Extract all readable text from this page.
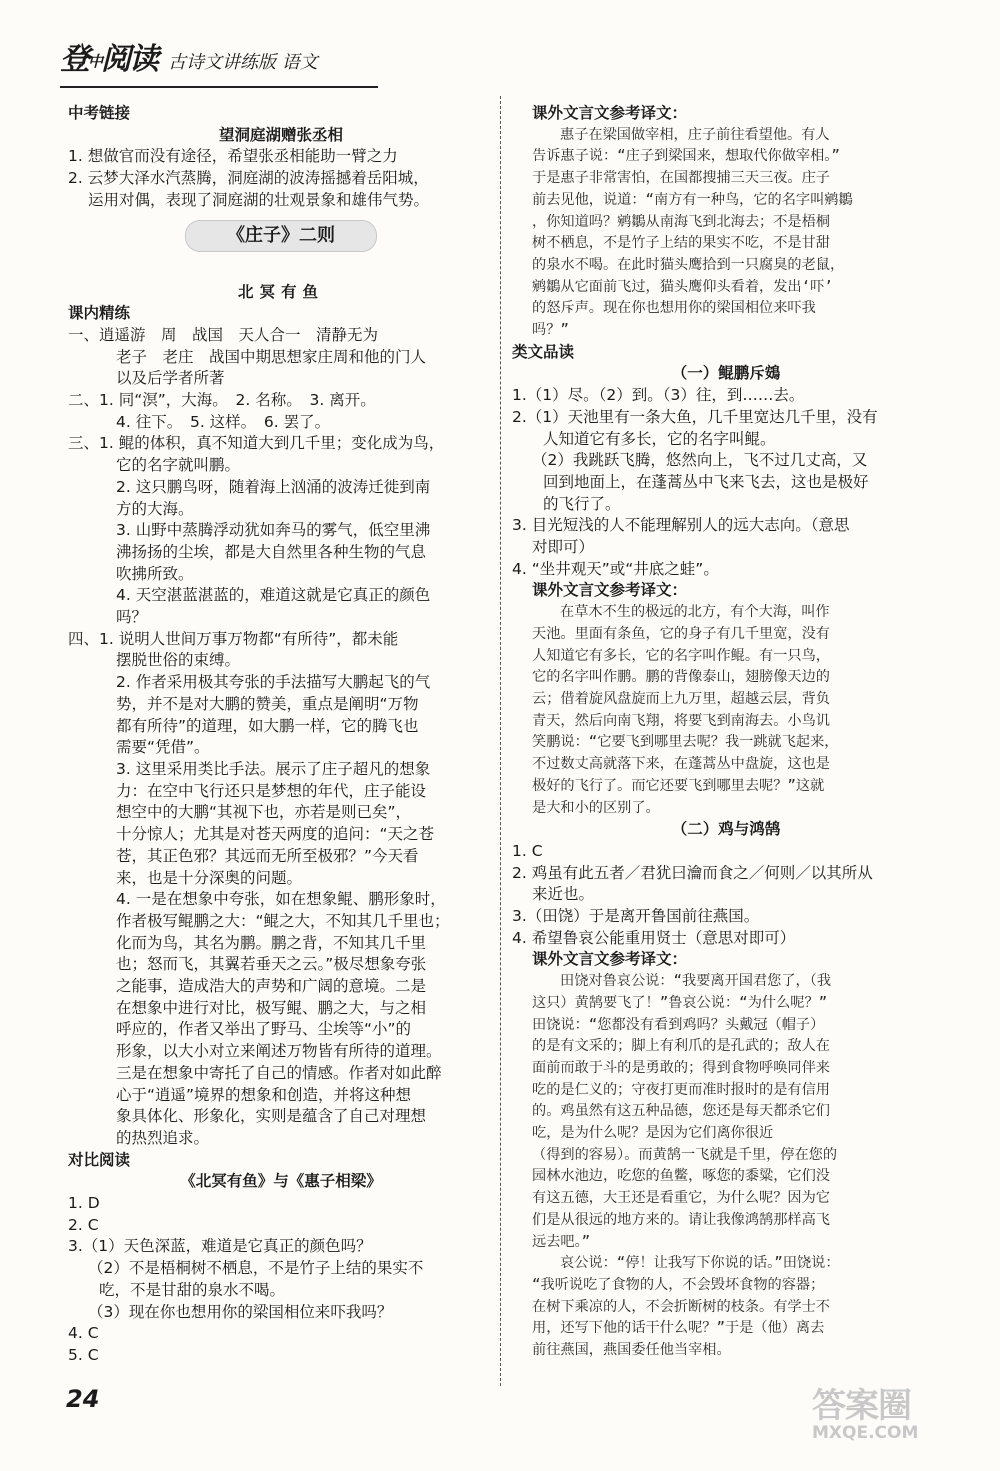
登中阅读 古诗文讲练版 语文
中考链接
望洞庭湖赠张丞相
1. 想做官而没有途径，希望张丞相能助一臂之力
2. 云梦大泽水汽蒸腾，洞庭湖的波涛摇撼着岳阳城，
运用对偶，表现了洞庭湖的壮观景象和雄伟气势。
《庄子》二则
北冥有鱼
课内精练
一、逍遥游　周　战国　天人合一　清静无为
老子　老庄　战国中期思想家庄周和他的门人
以及后学者所著
二、1. 同“溟”，大海。　2. 名称。　3. 离开。
4. 往下。　5. 这样。　6. 罢了。
三、1. 鲲的体积，真不知道大到几千里；变化成为鸟，
它的名字就叫鹏。
2. 这只鹏鸟呀，随着海上汹涌的波涛迁徙到南
方的大海。
3. 山野中蒸腾浮动犹如奔马的雾气，低空里沸
沸扬扬的尘埃，都是大自然里各种生物的气息
吹拂所致。
4. 天空湛蓝湛蓝的，难道这就是它真正的颜色
吗？
四、1. 说明人世间万事万物都“有所待”，都未能
摆脱世俗的束缚。
2. 作者采用极其夸张的手法描写大鹏起飞的气
势，并不是对大鹏的赞美，重点是阐明“万物
都有所待”的道理，如大鹏一样，它的腾飞也
需要“凭借”。
3. 这里采用类比手法。展示了庄子超凡的想象
力：在空中飞行还只是梦想的年代，庄子能设
想空中的大鹏“其视下也，亦若是则已矣”，
十分惊人；尤其是对苍天两度的追问：“天之苍
苍，其正色邪？其远而无所至极邪？”今天看
来，也是十分深奥的问题。
4. 一是在想象中夸张，如在想象鲲、鹏形象时，
作者极写鲲鹏之大：“鲲之大，不知其几千里也；
化而为鸟，其名为鹏。鹏之背，不知其几千里
也；怒而飞，其翼若垂天之云。”极尽想象夸张
之能事，造成浩大的声势和广阔的意境。二是
在想象中进行对比，极写鲲、鹏之大，与之相
呼应的，作者又举出了野马、尘埃等“小”的
形象，以大小对立来阐述万物皆有所待的道理。
三是在想象中寄托了自己的情感。作者对如此醉
心于“逍遥”境界的想象和创造，并将这种想
象具体化、形象化，实则是蕴含了自己对理想
的热烈追求。
对比阅读
《北冥有鱼》与《惠子相梁》
1. D
2. C
3.（1）天色深蓝，难道是它真正的颜色吗？
（2）不是梧桐树不栖息，不是竹子上结的果实不
吃，不是甘甜的泉水不喝。
（3）现在你也想用你的梁国相位来吓我吗？
4. C
5. C
课外文言文参考译文：
惠子在梁国做宰相，庄子前往看望他。有人
告诉惠子说：“庄子到梁国来，想取代你做宰相。”
于是惠子非常害怕，在国都搜捕三天三夜。庄子
前去见他，说道：“南方有一种鸟，它的名字叫鹓鶵
，你知道吗？鹓鶵从南海飞到北海去；不是梧桐
树不栖息，不是竹子上结的果实不吃，不是甘甜
的泉水不喝。在此时猫头鹰拾到一只腐臭的老鼠，
鹓鶵从它面前飞过，猫头鹰仰头看着，发出‘吓’
的怒斥声。现在你也想用你的梁国相位来吓我
吗？”
类文品读
（一）鲲鹏斥鴳
1.（1）尽。（2）到。（3）往，到……去。
2.（1）天池里有一条大鱼，几千里宽达几千里，没有
人知道它有多长，它的名字叫鲲。
（2）我跳跃飞腾，悠然向上，飞不过几丈高，又
回到地面上，在蓬蒿丛中飞来飞去，这也是极好
的飞行了。
3. 目光短浅的人不能理解别人的远大志向。（意思
对即可）
4. “坐井观天”或“井底之蛙”。
课外文言文参考译文：
在草木不生的极远的北方，有个大海，叫作
天池。里面有条鱼，它的身子有几千里宽，没有
人知道它有多长，它的名字叫作鲲。有一只鸟，
它的名字叫作鹏。鹏的背像泰山，翅膀像天边的
云；借着旋风盘旋而上九万里，超越云层，背负
青天，然后向南飞翔，将要飞到南海去。小鸟讥
笑鹏说：“它要飞到哪里去呢？我一跳就飞起来，
不过数丈高就落下来，在蓬蒿丛中盘旋，这也是
极好的飞行了。而它还要飞到哪里去呢？”这就
是大和小的区别了。
（二）鸡与鸿鹄
1. C
2. 鸡虽有此五者／君犹曰瀹而食之／何则／以其所从
来近也。
3.（田饶）于是离开鲁国前往燕国。
4. 希望鲁哀公能重用贤士（意思对即可）
课外文言文参考译文：
田饶对鲁哀公说：“我要离开国君您了，（我
这只）黄鹄要飞了！”鲁哀公说：“为什么呢？”
田饶说：“您都没有看到鸡吗？头戴冠（帽子）
的是有文采的；脚上有利爪的是孔武的；敌人在
面前而敢于斗的是勇敢的；得到食物呼唤同伴来
吃的是仁义的；守夜打更而准时报时的是有信用
的。鸡虽然有这五种品德，您还是每天都杀它们
吃，是为什么呢？是因为它们离你很近
（得到的容易）。而黄鹄一飞就是千里，停在您的
园林水池边，吃您的鱼鳖，啄您的黍粱，它们没
有这五德，大王还是看重它，为什么呢？因为它
们是从很远的地方来的。请让我像鸿鹄那样高飞
远去吧。”
哀公说：“停！让我写下你说的话。”田饶说：
“我听说吃了食物的人，不会毁坏食物的容器；
在树下乘凉的人，不会折断树的枝条。有学士不
用，还写下他的话干什么呢？”于是（他）离去
前往燕国，燕国委任他当宰相。
24	答案圈
MXQE.COM
